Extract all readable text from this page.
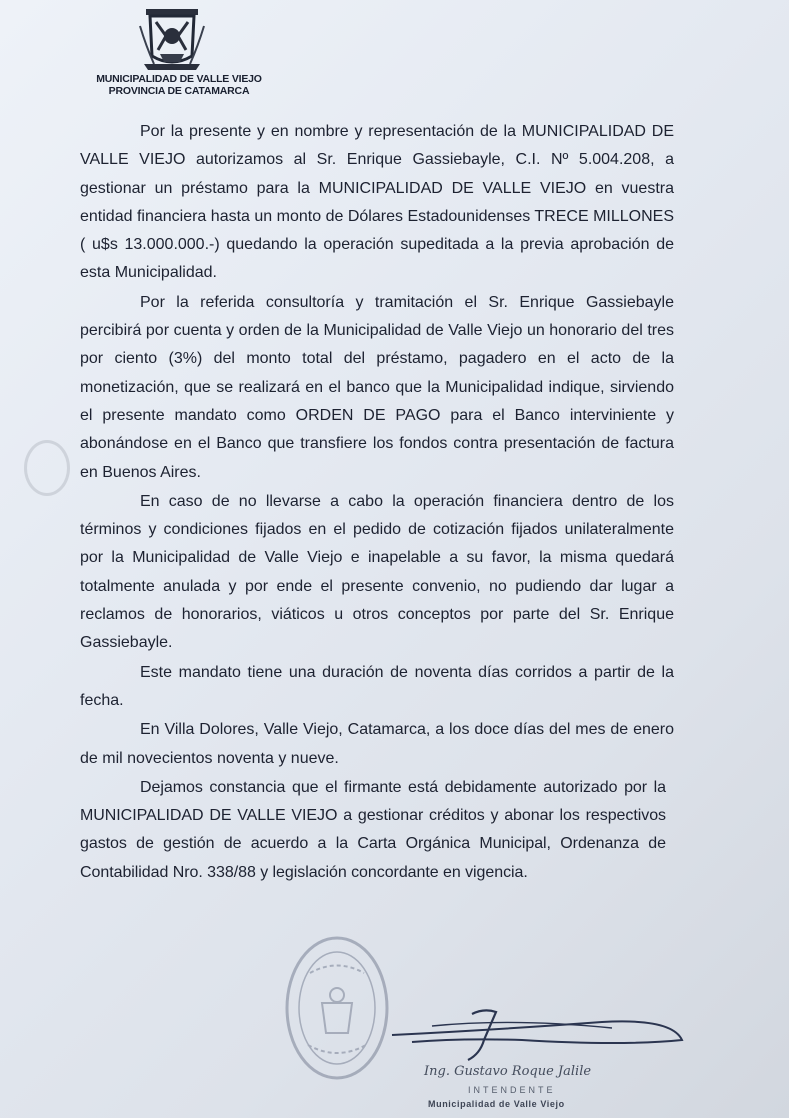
MUNICIPALIDAD DE VALLE VIEJO
PROVINCIA DE CATAMARCA

Por la presente y en nombre y representación de la MUNICIPALIDAD DE VALLE VIEJO autorizamos al Sr. Enrique Gassiebayle, C.I. Nº 5.004.208, a gestionar un préstamo para la MUNICIPALIDAD DE VALLE VIEJO en vuestra entidad financiera hasta un monto de Dólares Estadounidenses TRECE MILLONES ( u$s 13.000.000.-) quedando la operación supeditada a la previa aprobación de esta Municipalidad.

Por la referida consultoría y tramitación el Sr. Enrique Gassiebayle percibirá por cuenta y orden de la Municipalidad de Valle Viejo un honorario del tres por ciento (3%) del monto total del préstamo, pagadero en el acto de la monetización, que se realizará en el banco que la Municipalidad indique, sirviendo el presente mandato como ORDEN DE PAGO para el Banco interviniente y abonándose en el Banco que transfiere los fondos contra presentación de factura en Buenos Aires.

En caso de no llevarse a cabo la operación financiera dentro de los términos y condiciones fijados en el pedido de cotización fijados unilateralmente por la Municipalidad de Valle Viejo e inapelable a su favor, la misma quedará totalmente anulada y por ende el presente convenio, no pudiendo dar lugar a reclamos de honorarios, viáticos u otros conceptos por parte del Sr. Enrique Gassiebayle.

Este mandato tiene una duración de noventa días corridos a partir de la fecha.

En Villa Dolores, Valle Viejo, Catamarca, a los doce días del mes de enero de mil novecientos noventa y nueve.

Dejamos constancia que el firmante está debidamente autorizado por la MUNICIPALIDAD DE VALLE VIEJO a gestionar créditos y abonar los respectivos gastos de gestión de acuerdo a la Carta Orgánica Municipal, Ordenanza de Contabilidad Nro. 338/88 y legislación concordante en vigencia.

Ing. Gustavo Roque Jalile
INTENDENTE
Municipalidad de Valle Viejo
